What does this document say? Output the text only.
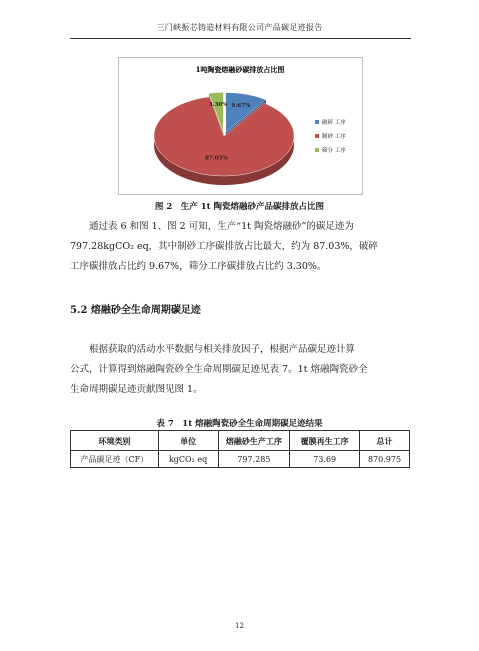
三门峡振芯铸造材料有限公司产品碳足迹报告
1吨陶瓷熔融砂碳排放占比图
9.67%
87.03%
3.30%
破碎 工序
制砂 工序
筛分 工序
图 2　生产 1t 陶瓷熔融砂产品碳排放占比图

通过表 6 和图 1、图 2 可知，生产“1t 陶瓷熔融砂”的碳足迹为

797.28kgCO₂ eq，其中制砂工序碳排放占比最大，约为 87.03%，破碎

工序碳排放占比约 9.67%，筛分工序碳排放占比约 3.30%。

5.2 熔融砂全生命周期碳足迹

根据获取的活动水平数据与相关排放因子，根据产品碳足迹计算

公式，计算得到熔融陶瓷砂全生命周期碳足迹见表 7。1t 熔融陶瓷砂全

生命周期碳足迹贡献图见图 1。

表 7　1t 熔融陶瓷砂全生命周期碳足迹结果
环境类别	单位	熔融砂生产工序	覆膜再生工序	总计
产品碳足迹（CF）	kgCO₂ eq	797.285	73.69	870.975
12
